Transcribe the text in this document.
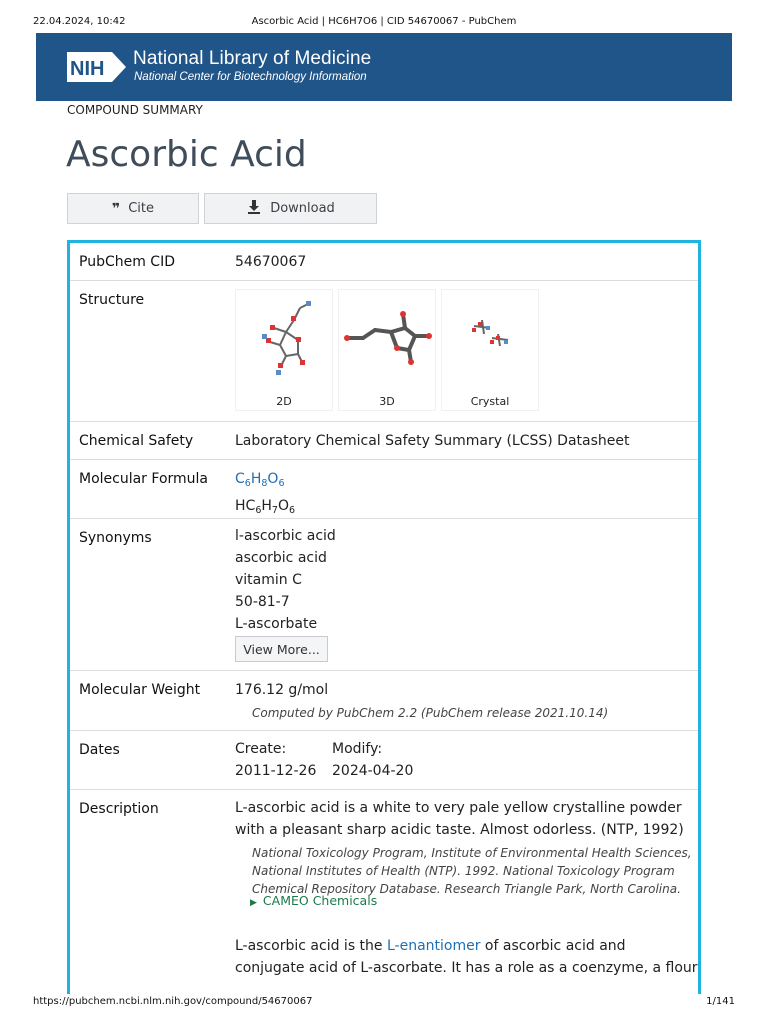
22.04.2024, 10:42	Ascorbic Acid | HC6H7O6 | CID 54670067 - PubChem
NIH National Library of Medicine
National Center for Biotechnology Information
COMPOUND SUMMARY
Ascorbic Acid
❞ Cite	Download
PubChem CID	54670067
Structure
2D	3D	Crystal
Chemical Safety	Laboratory Chemical Safety Summary (LCSS) Datasheet
Molecular Formula $C_6H_8O_6$
$HC_6H_7O_6$
Synonyms	l-ascorbic acid
ascorbic acid
vitamin C
50-81-7
L-ascorbate
View More...
Molecular Weight 176.12 g/mol
Computed by PubChem 2.2 (PubChem release 2021.10.14)
Dates	Create:
2011-12-26
Modify:
2024-04-20
Description	L-ascorbic acid is a white to very pale yellow crystalline powder
with a pleasant sharp acidic taste. Almost odorless. (NTP, 1992)
National Toxicology Program, Institute of Environmental Health Sciences,
National Institutes of Health (NTP). 1992. National Toxicology Program
Chemical Repository Database. Research Triangle Park, North Carolina.
▶ CAMEO Chemicals
L-ascorbic acid is the L-enantiomer of ascorbic acid and
conjugate acid of L-ascorbate. It has a role as a coenzyme, a flour
https://pubchem.ncbi.nlm.nih.gov/compound/54670067	1/141
